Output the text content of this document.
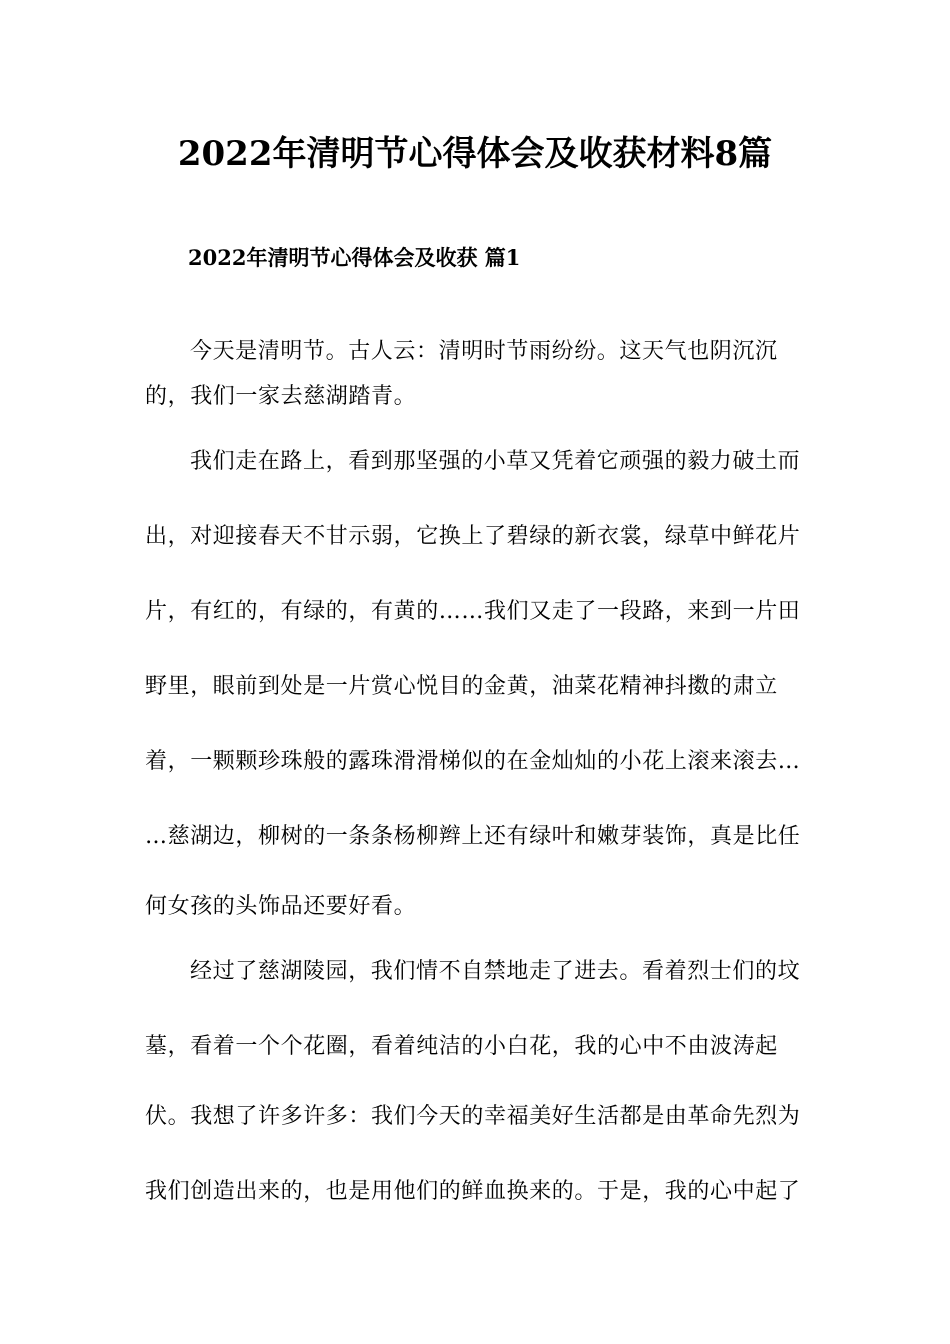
2022年清明节心得体会及收获材料8篇
2022年清明节心得体会及收获 篇1
今天是清明节。古人云：清明时节雨纷纷。这天气也阴沉沉
的，我们一家去慈湖踏青。
我们走在路上，看到那坚强的小草又凭着它顽强的毅力破土而
出，对迎接春天不甘示弱，它换上了碧绿的新衣裳，绿草中鲜花片
片，有红的，有绿的，有黄的……我们又走了一段路，来到一片田
野里，眼前到处是一片赏心悦目的金黄，油菜花精神抖擞的肃立
着，一颗颗珍珠般的露珠滑滑梯似的在金灿灿的小花上滚来滚去…
…慈湖边，柳树的一条条杨柳辫上还有绿叶和嫩芽装饰，真是比任
何女孩的头饰品还要好看。
经过了慈湖陵园，我们情不自禁地走了进去。看着烈士们的坟
墓，看着一个个花圈，看着纯洁的小白花，我的心中不由波涛起
伏。我想了许多许多：我们今天的幸福美好生活都是由革命先烈为
我们创造出来的，也是用他们的鲜血换来的。于是，我的心中起了
